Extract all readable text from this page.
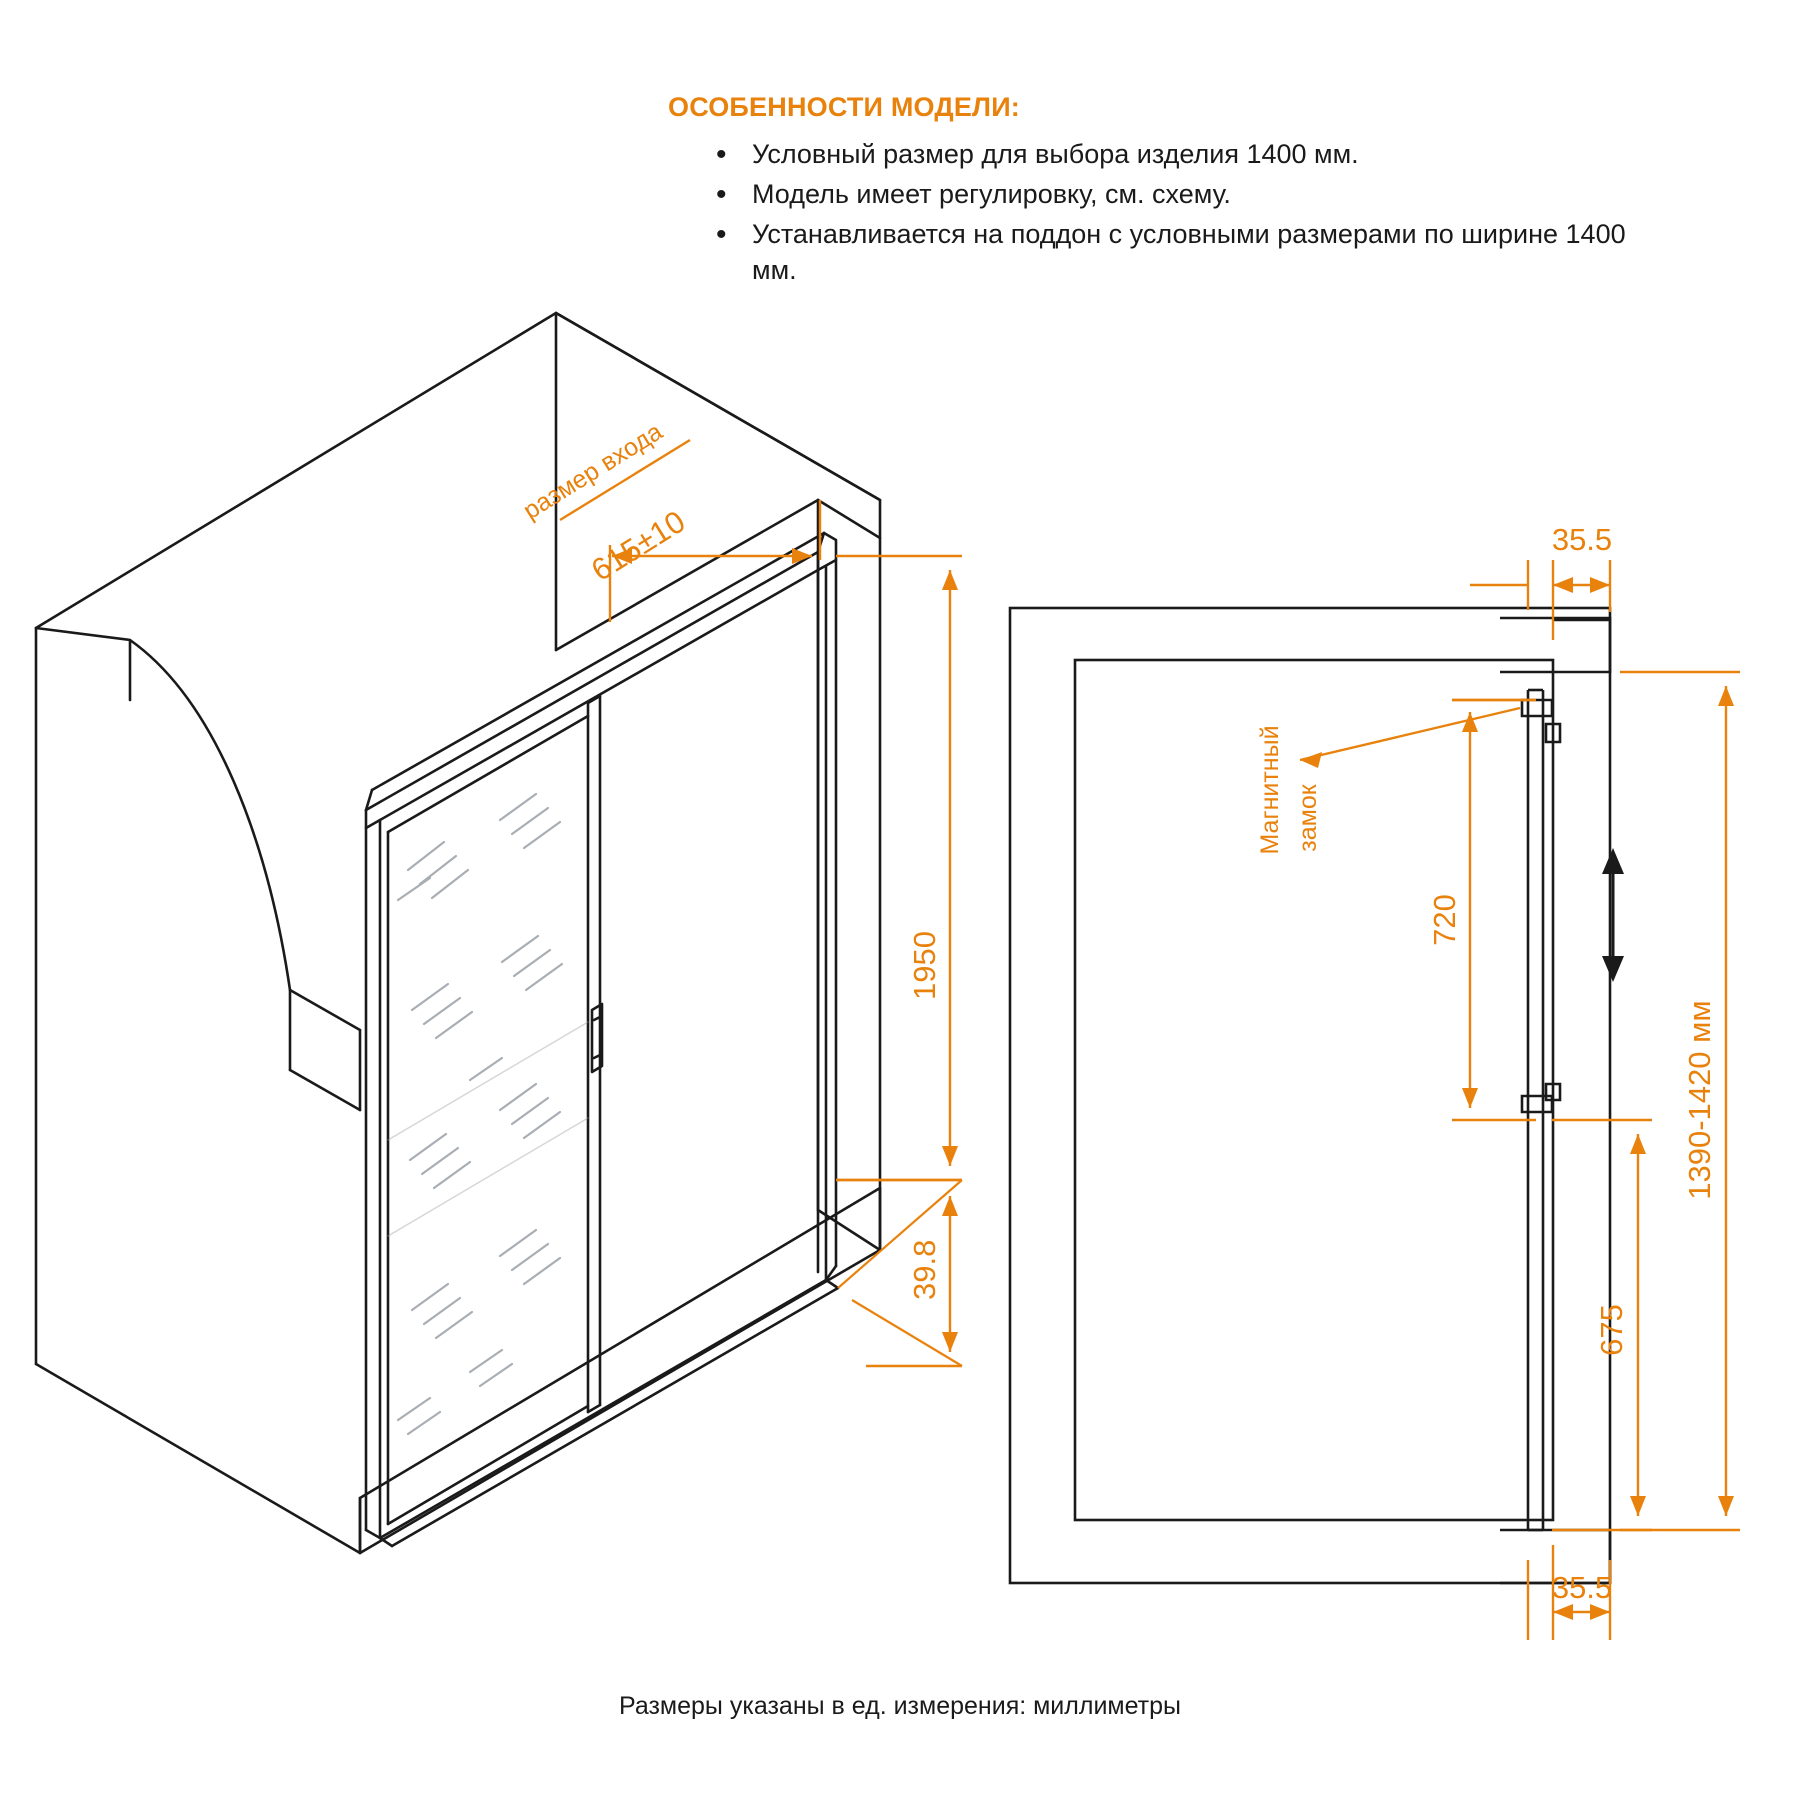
ОСОБЕННОСТИ МОДЕЛИ:
• Условный размер для выбора изделия 1400 мм.
• Модель имеет регулировку, см. схему.
• Устанавливается на поддон с условными размерами по ширине 1400 мм.
615±10
размер входа
1950
39.8
35.5
35.5
720
675
1390-1420 мм
Магнитный замок
Размеры указаны в ед. измерения: миллиметры
